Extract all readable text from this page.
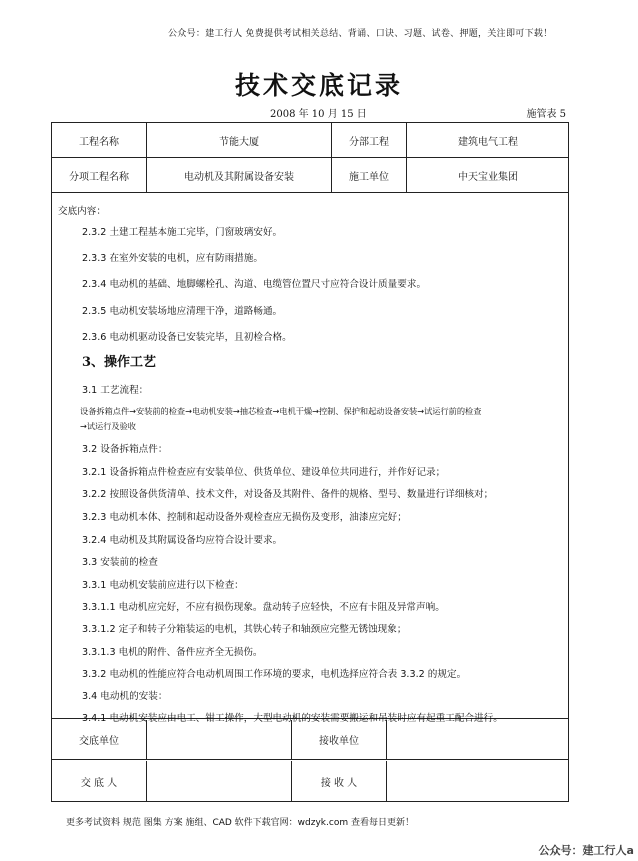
公众号：建工行人 免费提供考试相关总结、背诵、口诀、习题、试卷、押题，关注即可下载！
技术交底记录
2008 年 10 月 15 日	施管表 5
工程名称	节能大厦	分部工程	建筑电气工程
分项工程名称	电动机及其附属设备安装	施工单位	中天宝业集团
交底内容：
2.3.2 土建工程基本施工完毕，门窗玻璃安好。
2.3.3 在室外安装的电机，应有防雨措施。
2.3.4 电动机的基础、地脚螺栓孔、沟道、电缆管位置尺寸应符合设计质量要求。
2.3.5 电动机安装场地应清理干净，道路畅通。
2.3.6 电动机驱动设备已安装完毕，且初检合格。
3、操作工艺
3.1 工艺流程：
设备拆箱点件→安装前的检查→电动机安装→抽芯检查→电机干燥→控制、保护和起动设备安装→试运行前的检查
→试运行及验收
3.2 设备拆箱点件：
3.2.1 设备拆箱点件检查应有安装单位、供货单位、建设单位共同进行，并作好记录；
3.2.2 按照设备供货清单、技术文件，对设备及其附件、备件的规格、型号、数量进行详细核对；
3.2.3 电动机本体、控制和起动设备外观检查应无损伤及变形，油漆应完好；
3.2.4 电动机及其附属设备均应符合设计要求。
3.3 安装前的检查
3.3.1 电动机安装前应进行以下检查：
3.3.1.1 电动机应完好，不应有损伤现象。盘动转子应轻快，不应有卡阻及异常声响。
3.3.1.2 定子和转子分箱装运的电机，其铁心转子和轴颈应完整无锈蚀现象；
3.3.1.3 电机的附件、备件应齐全无损伤。
3.3.2 电动机的性能应符合电动机周围工作环境的要求，电机选择应符合表 3.3.2 的规定。
3.4 电动机的安装：
3.4.1 电动机安装应由电工、钳工操作，大型电动机的安装需要搬运和吊装时应有起重工配合进行。
交底单位	接收单位
交 底 人	接 收 人
更多考试资料 规范 图集 方案 施组、CAD 软件下载官网：wdzyk.com 查看每日更新！
公众号：建工行人a
